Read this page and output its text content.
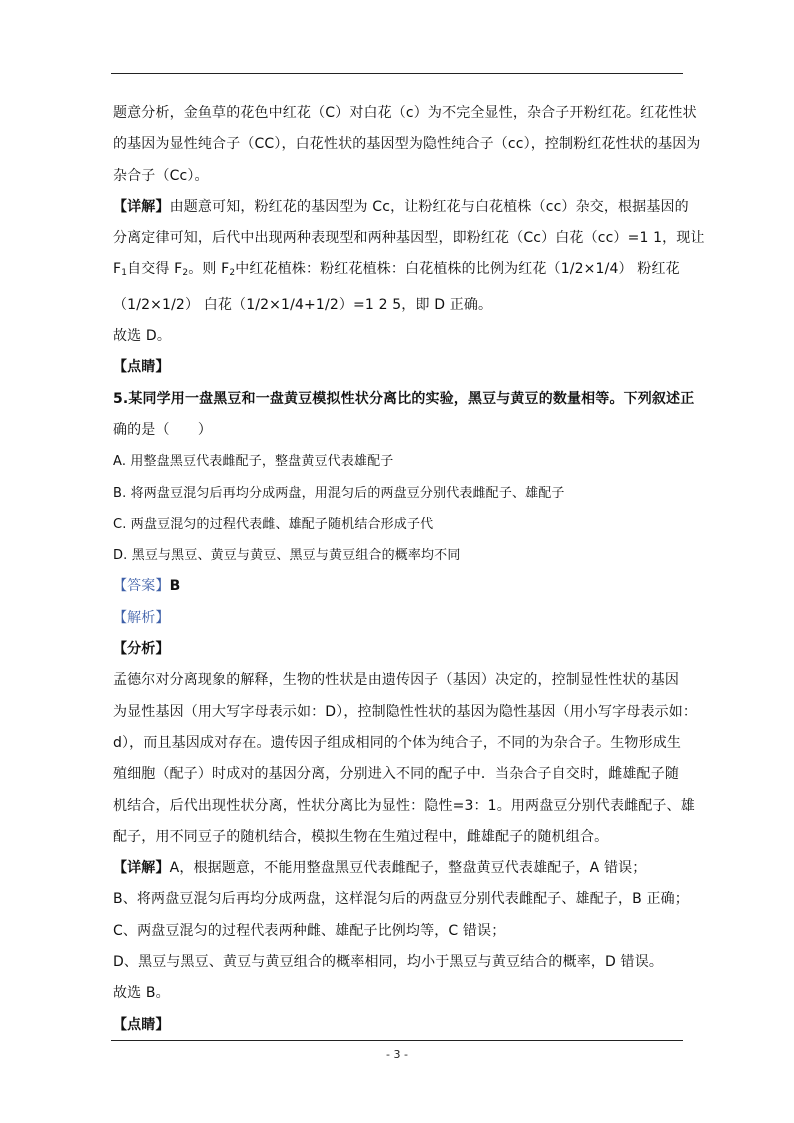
题意分析，金鱼草的花色中红花（C）对白花（c）为不完全显性，杂合子开粉红花。红花性状
的基因为显性纯合子（CC），白花性状的基因型为隐性纯合子（cc），控制粉红花性状的基因为
杂合子（Cc）。
【详解】由题意可知，粉红花的基因型为 Cc，让粉红花与白花植株（cc）杂交，根据基因的
分离定律可知，后代中出现两种表现型和两种基因型，即粉红花（Cc）白花（cc）=1 1，现让
$F_1$自交得 $F_2$。则 $F_2$中红花植株：粉红花植株：白花植株的比例为红花（1/2×1/4） 粉红花
（1/2×1/2） 白花（1/2×1/4+1/2）=1 2 5，即 D 正确。
故选 D。
【点睛】
5.某同学用一盘黑豆和一盘黄豆模拟性状分离比的实验，黑豆与黄豆的数量相等。下列叙述正
确的是（　　）
A. 用整盘黑豆代表雌配子，整盘黄豆代表雄配子
B. 将两盘豆混匀后再均分成两盘，用混匀后的两盘豆分别代表雌配子、雄配子
C. 两盘豆混匀的过程代表雌、雄配子随机结合形成子代
D. 黑豆与黑豆、黄豆与黄豆、黑豆与黄豆组合的概率均不同
【答案】B
【解析】
【分析】
孟德尔对分离现象的解释，生物的性状是由遗传因子（基因）决定的，控制显性性状的基因
为显性基因（用大写字母表示如：D），控制隐性性状的基因为隐性基因（用小写字母表示如：
d），而且基因成对存在。遗传因子组成相同的个体为纯合子，不同的为杂合子。生物形成生
殖细胞（配子）时成对的基因分离，分别进入不同的配子中．当杂合子自交时，雌雄配子随
机结合，后代出现性状分离，性状分离比为显性：隐性=3：1。用两盘豆分别代表雌配子、雄
配子，用不同豆子的随机结合，模拟生物在生殖过程中，雌雄配子的随机组合。
【详解】A，根据题意，不能用整盘黑豆代表雌配子，整盘黄豆代表雄配子，A 错误；
B、将两盘豆混匀后再均分成两盘，这样混匀后的两盘豆分别代表雌配子、雄配子，B 正确；
C、两盘豆混匀的过程代表两种雌、雄配子比例均等，C 错误；
D、黑豆与黑豆、黄豆与黄豆组合的概率相同，均小于黑豆与黄豆结合的概率，D 错误。
故选 B。
【点睛】
- 3 -
